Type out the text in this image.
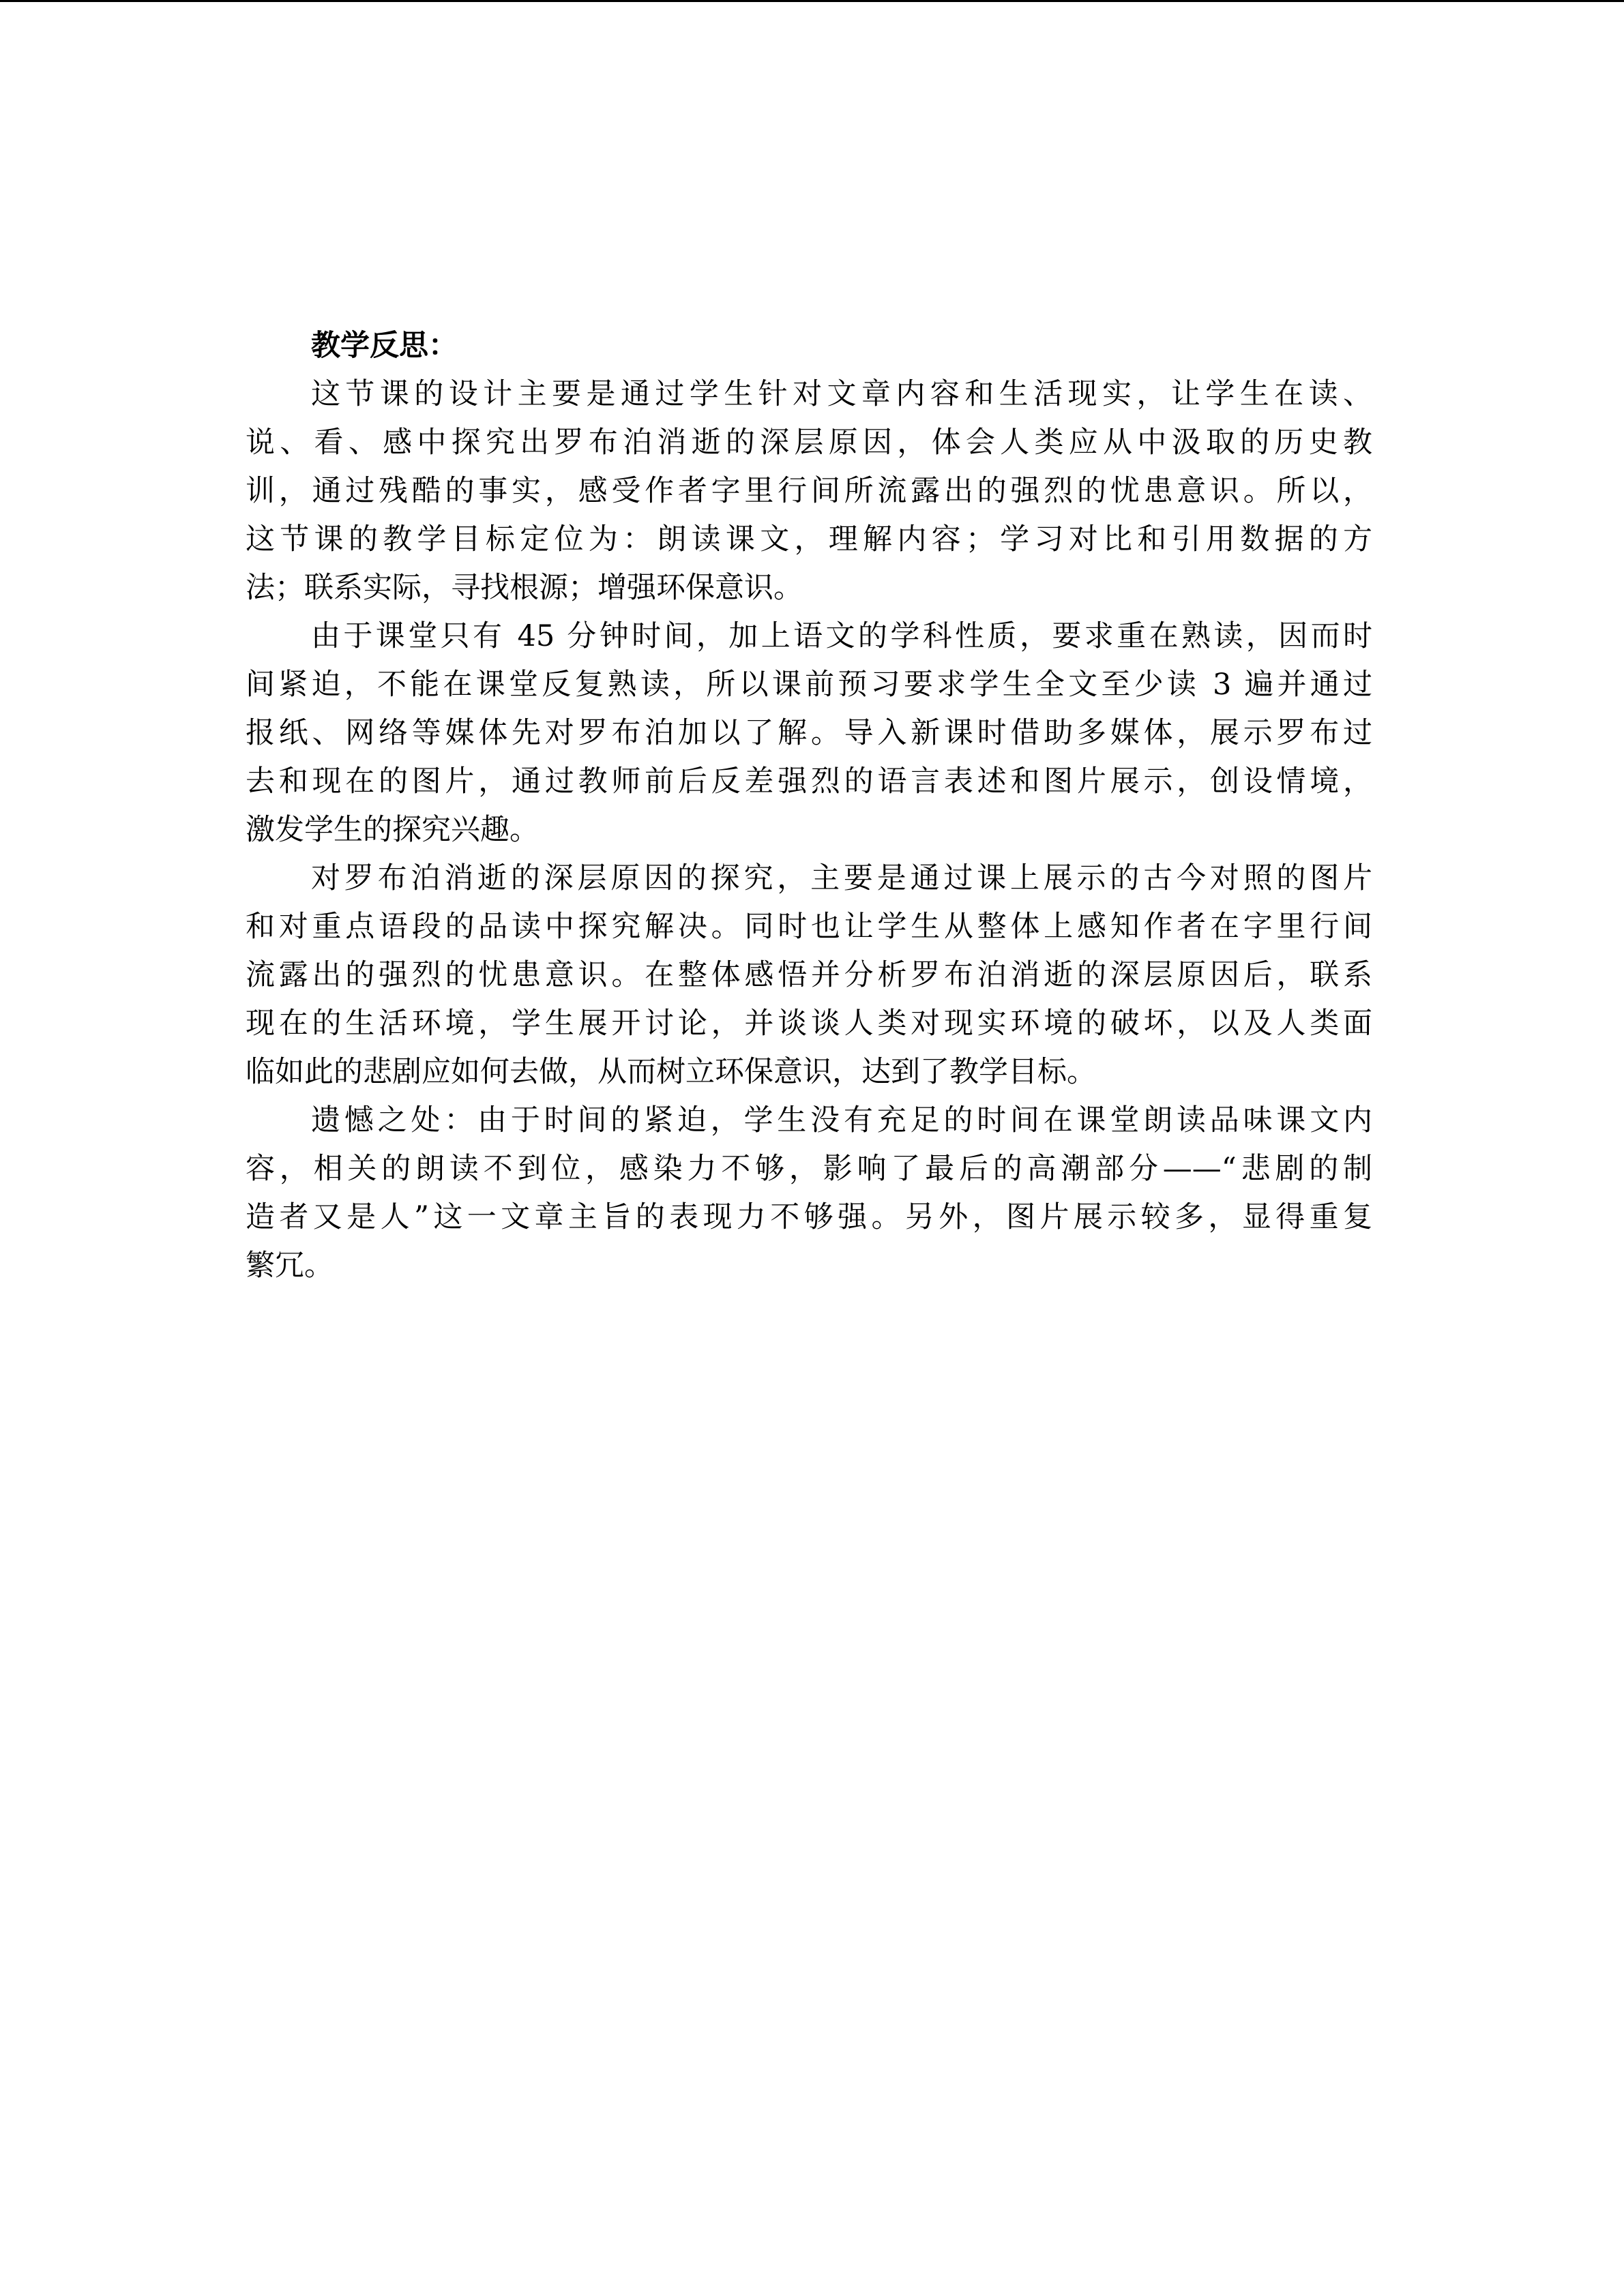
教学反思：

这节课的设计主要是通过学生针对文章内容和生活现实，让学生在读、
说、看、感中探究出罗布泊消逝的深层原因，体会人类应从中汲取的历史教
训，通过残酷的事实，感受作者字里行间所流露出的强烈的忧患意识。所以，
这节课的教学目标定位为：朗读课文，理解内容；学习对比和引用数据的方
法；联系实际，寻找根源；增强环保意识。

由于课堂只有 45 分钟时间，加上语文的学科性质，要求重在熟读，因而时
间紧迫，不能在课堂反复熟读，所以课前预习要求学生全文至少读 3 遍并通过
报纸、网络等媒体先对罗布泊加以了解。导入新课时借助多媒体，展示罗布过
去和现在的图片，通过教师前后反差强烈的语言表述和图片展示，创设情境，
激发学生的探究兴趣。

对罗布泊消逝的深层原因的探究，主要是通过课上展示的古今对照的图片
和对重点语段的品读中探究解决。同时也让学生从整体上感知作者在字里行间
流露出的强烈的忧患意识。在整体感悟并分析罗布泊消逝的深层原因后，联系
现在的生活环境，学生展开讨论，并谈谈人类对现实环境的破坏，以及人类面
临如此的悲剧应如何去做，从而树立环保意识，达到了教学目标。

遗憾之处：由于时间的紧迫，学生没有充足的时间在课堂朗读品味课文内
容，相关的朗读不到位，感染力不够，影响了最后的高潮部分——“悲剧的制
造者又是人”这一文章主旨的表现力不够强。另外，图片展示较多，显得重复
繁冗。
